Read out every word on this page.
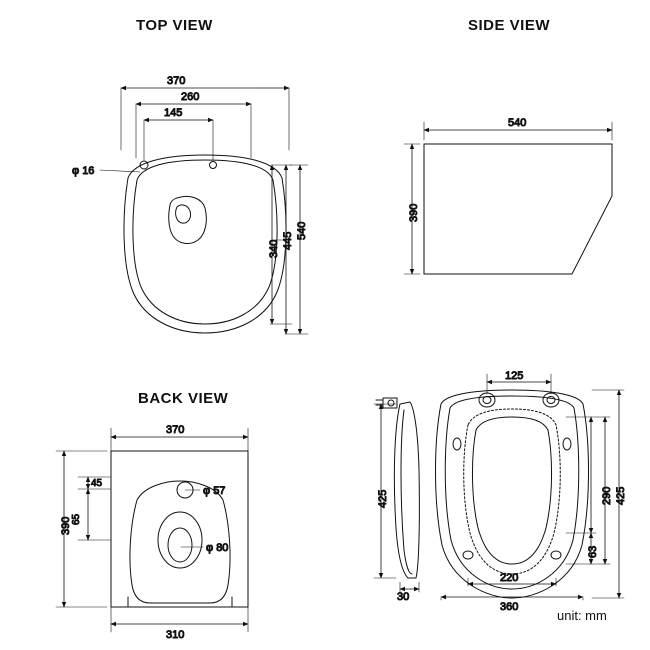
TOP VIEW	SIDE VIEW
BACK VIEW
unit: mm
370
260
145
φ 16
540
445
340
540
390
370
310
390
45
65
φ 57
φ 80
125
220
360
425
290
63
30
425
